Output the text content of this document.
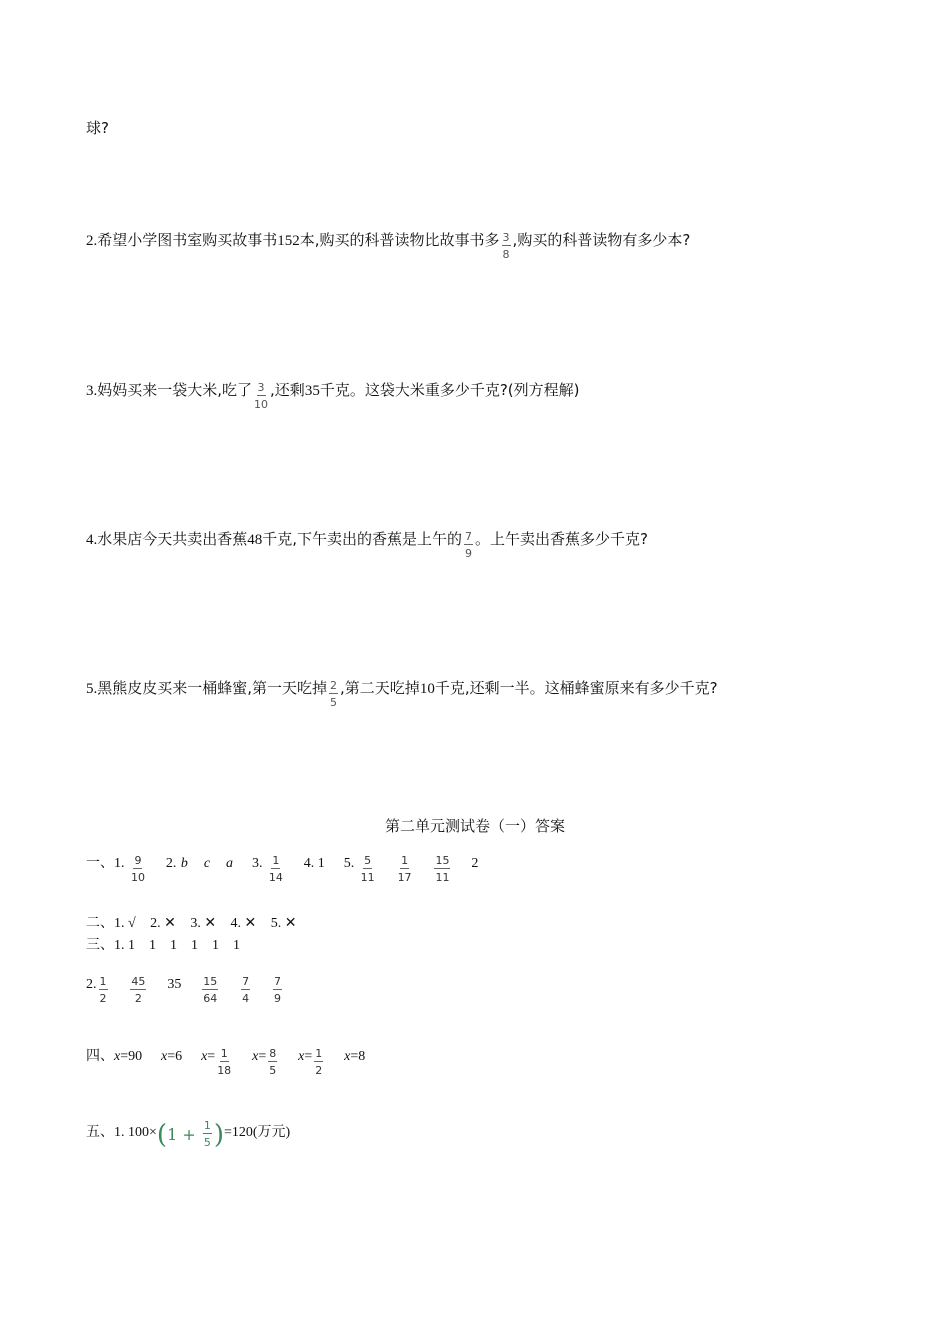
球?
2.希望小学图书室购买故事书152本,购买的科普读物比故事书多 $\frac{3}{8}$ ,购买的科普读物有多少本?
3.妈妈买来一袋大米,吃了 $\frac{3}{10}$ ,还剩35千克。这袋大米重多少千克?(列方程解)
4.水果店今天共卖出香蕉48千克,下午卖出的香蕉是上午的 $\frac{7}{9}$ 。上午卖出香蕉多少千克?
5.黑熊皮皮买来一桶蜂蜜,第一天吃掉 $\frac{2}{5}$ ,第二天吃掉10千克,还剩一半。这桶蜂蜜原来有多少千克?
第二单元测试卷（一）答案
一、1. $\frac{9}{10} 2$. b c a 3. $\frac{1}{14} 4$. 1 5. $\frac{5}{11}$
$\frac{1}{17}$
$\frac{15}{11} 2$
二、1. √ 2. ✕ 3. ✕ 4. ✕ 5. ✕
三、1. 1    1    1    1    1    1
2. $\frac{1}{2}$
$\frac{45}{2} 35 \frac{15}{64}$
$\frac{7}{4}$
$\frac{7}{9}$
四、x=90 x=6 $x= \frac{1}{18} x= \frac{8}{5} x= \frac{1}{2} x=8$
五、1. 100× ( 1
+
$\frac{1}{5}$ ) =120(万元)
